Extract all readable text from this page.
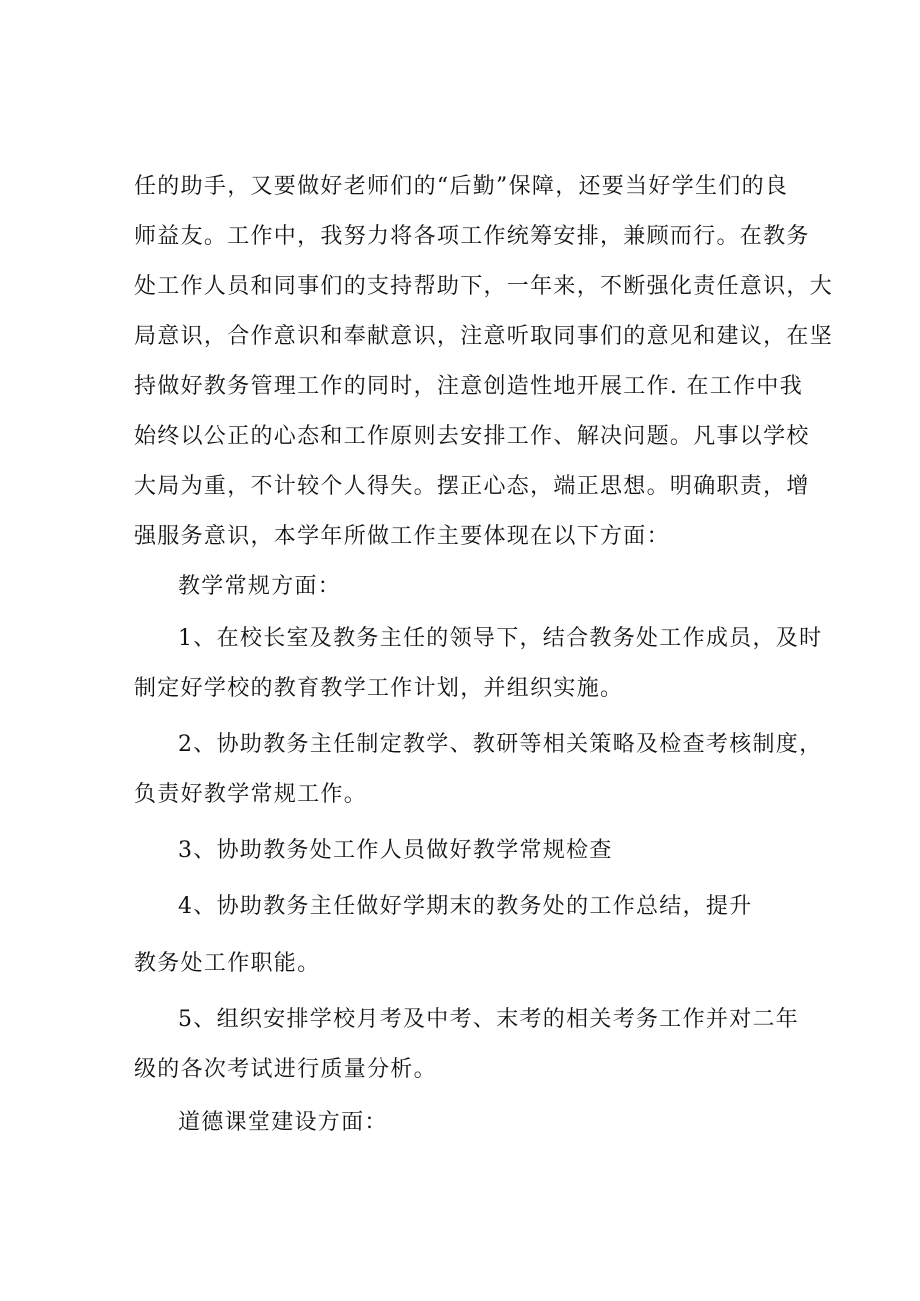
任的助手，又要做好老师们的“后勤”保障，还要当好学生们的良
师益友。工作中，我努力将各项工作统筹安排，兼顾而行。在教务
处工作人员和同事们的支持帮助下，一年来，不断强化责任意识，大
局意识，合作意识和奉献意识，注意听取同事们的意见和建议，在坚
持做好教务管理工作的同时，注意创造性地开展工作. 在工作中我
始终以公正的心态和工作原则去安排工作、解决问题。凡事以学校
大局为重，不计较个人得失。摆正心态，端正思想。明确职责，增
强服务意识，本学年所做工作主要体现在以下方面：
教学常规方面：
1、在校长室及教务主任的领导下，结合教务处工作成员，及时
制定好学校的教育教学工作计划，并组织实施。
2、协助教务主任制定教学、教研等相关策略及检查考核制度，
负责好教学常规工作。
3、协助教务处工作人员做好教学常规检查
4、协助教务主任做好学期末的教务处的工作总结，提升
教务处工作职能。
5、组织安排学校月考及中考、末考的相关考务工作并对二年
级的各次考试进行质量分析。
道德课堂建设方面：
